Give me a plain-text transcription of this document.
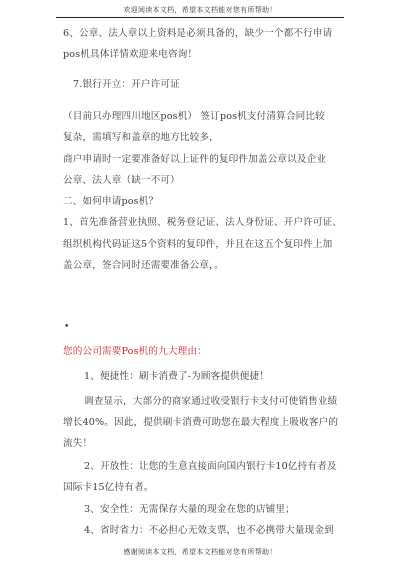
欢迎阅读本文档，希望本文档能对您有所帮助！
6、公章、法人章以上资料是必须具备的，缺少一个都不行申请
pos机具体详情欢迎来电咨询！
7.银行开立：开户许可证
（目前只办理四川地区pos机） 签订pos机支付清算合同比较
复杂，需填写和盖章的地方比较多，
商户申请时一定要准备好以上证件的复印件加盖公章以及企业
公章、法人章（缺一不可）
二、如何申请pos机？
1、首先准备营业执照、税务登记证、法人身份证、开户许可证、
组织机构代码证这5个资料的复印件，并且在这五个复印件上加
盖公章，签合同时还需要准备公章，。
•
您的公司需要Pos机的九大理由：
1、便捷性：刷卡消费了-为顾客提供便捷！
调查显示，大部分的商家通过收受银行卡支付可使销售业绩
增长40%。因此，提供刷卡消费可助您在最大程度上吸收客户的
流失！
2、开放性：让您的生意直接面向国内银行卡10亿持有者及
国际卡15亿持有者。
3、安全性：无需保存大量的现金在您的店铺里；
4、省时省力：不必担心无效支票，也不必携带大量现金到
感谢阅读本文档，希望本文档能对您有所帮助！
